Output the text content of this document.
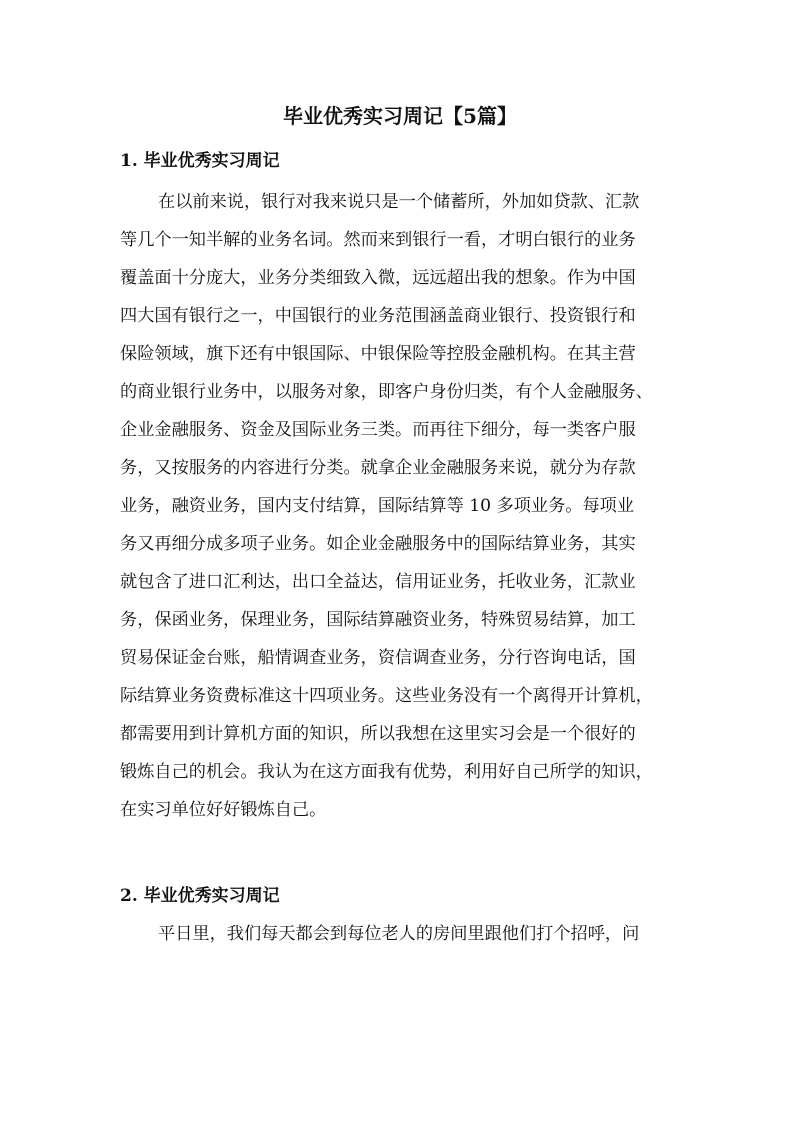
毕业优秀实习周记【5篇】
1. 毕业优秀实习周记
在以前来说，银行对我来说只是一个储蓄所，外加如贷款、汇款
等几个一知半解的业务名词。然而来到银行一看，才明白银行的业务
覆盖面十分庞大，业务分类细致入微，远远超出我的想象。作为中国
四大国有银行之一，中国银行的业务范围涵盖商业银行、投资银行和
保险领域，旗下还有中银国际、中银保险等控股金融机构。在其主营
的商业银行业务中，以服务对象，即客户身份归类，有个人金融服务、
企业金融服务、资金及国际业务三类。而再往下细分，每一类客户服
务，又按服务的内容进行分类。就拿企业金融服务来说，就分为存款
业务，融资业务，国内支付结算，国际结算等 10 多项业务。每项业
务又再细分成多项子业务。如企业金融服务中的国际结算业务，其实
就包含了进口汇利达，出口全益达，信用证业务，托收业务，汇款业
务，保函业务，保理业务，国际结算融资业务，特殊贸易结算，加工
贸易保证金台账，船情调查业务，资信调查业务，分行咨询电话，国
际结算业务资费标准这十四项业务。这些业务没有一个离得开计算机，
都需要用到计算机方面的知识，所以我想在这里实习会是一个很好的
锻炼自己的机会。我认为在这方面我有优势，利用好自己所学的知识，
在实习单位好好锻炼自己。
2. 毕业优秀实习周记
平日里，我们每天都会到每位老人的房间里跟他们打个招呼，问
